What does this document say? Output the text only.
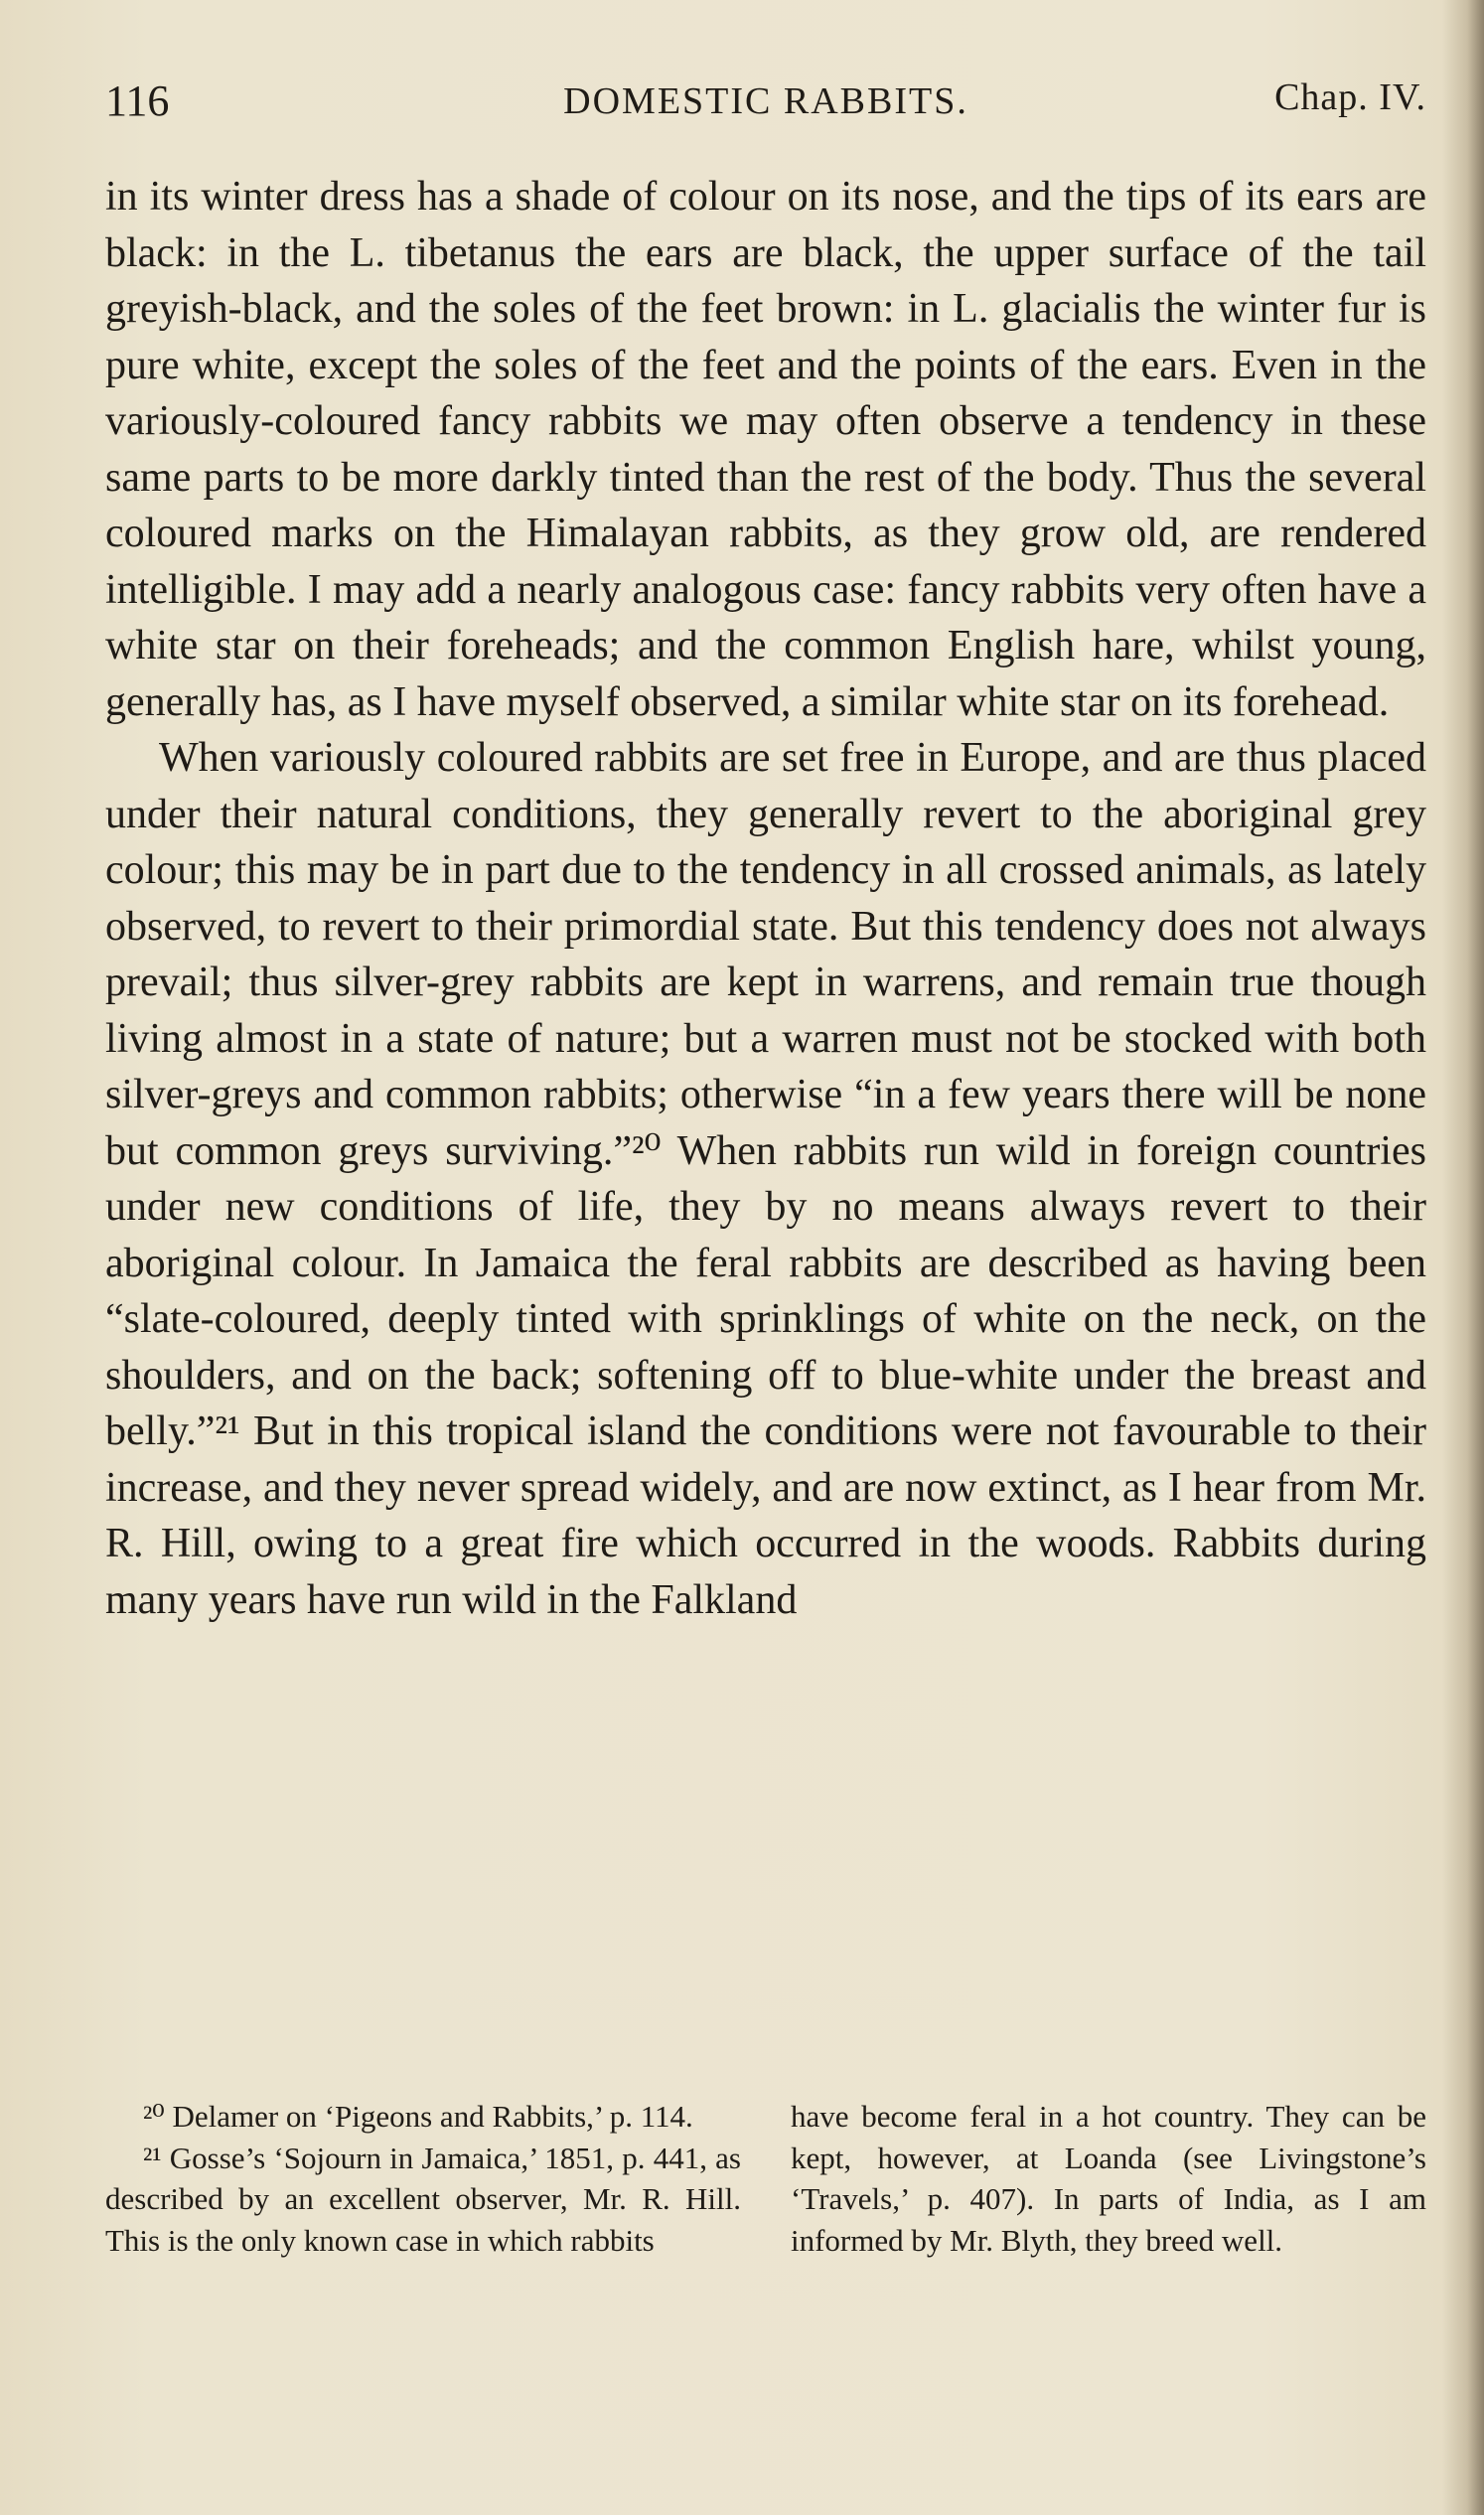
116	DOMESTIC RABBITS.	Chap. IV.

in its winter dress has a shade of colour on its nose, and the tips of its ears are black: in the L. tibetanus the ears are black, the upper surface of the tail greyish-black, and the soles of the feet brown: in L. glacialis the winter fur is pure white, except the soles of the feet and the points of the ears. Even in the variously-coloured fancy rabbits we may often observe a tendency in these same parts to be more darkly tinted than the rest of the body. Thus the several coloured marks on the Himalayan rabbits, as they grow old, are rendered intelligible. I may add a nearly analogous case: fancy rabbits very often have a white star on their foreheads; and the common English hare, whilst young, generally has, as I have myself observed, a similar white star on its forehead.

When variously coloured rabbits are set free in Europe, and are thus placed under their natural conditions, they generally revert to the aboriginal grey colour; this may be in part due to the tendency in all crossed animals, as lately observed, to revert to their primordial state. But this tendency does not always prevail; thus silver-grey rabbits are kept in warrens, and remain true though living almost in a state of nature; but a warren must not be stocked with both silver-greys and common rabbits; otherwise “in a few years there will be none but common greys surviving.”²⁰ When rabbits run wild in foreign countries under new conditions of life, they by no means always revert to their aboriginal colour. In Jamaica the feral rabbits are described as having been “slate-coloured, deeply tinted with sprinklings of white on the neck, on the shoulders, and on the back; softening off to blue-white under the breast and belly.”²¹ But in this tropical island the conditions were not favourable to their increase, and they never spread widely, and are now extinct, as I hear from Mr. R. Hill, owing to a great fire which occurred in the woods. Rabbits during many years have run wild in the Falkland

²⁰ Delamer on ‘Pigeons and Rabbits,’ p. 114.

²¹ Gosse’s ‘Sojourn in Jamaica,’ 1851, p. 441, as described by an excellent observer, Mr. R. Hill. This is the only known case in which rabbits

have become feral in a hot country. They can be kept, however, at Loanda (see Livingstone’s ‘Travels,’ p. 407). In parts of India, as I am informed by Mr. Blyth, they breed well.
